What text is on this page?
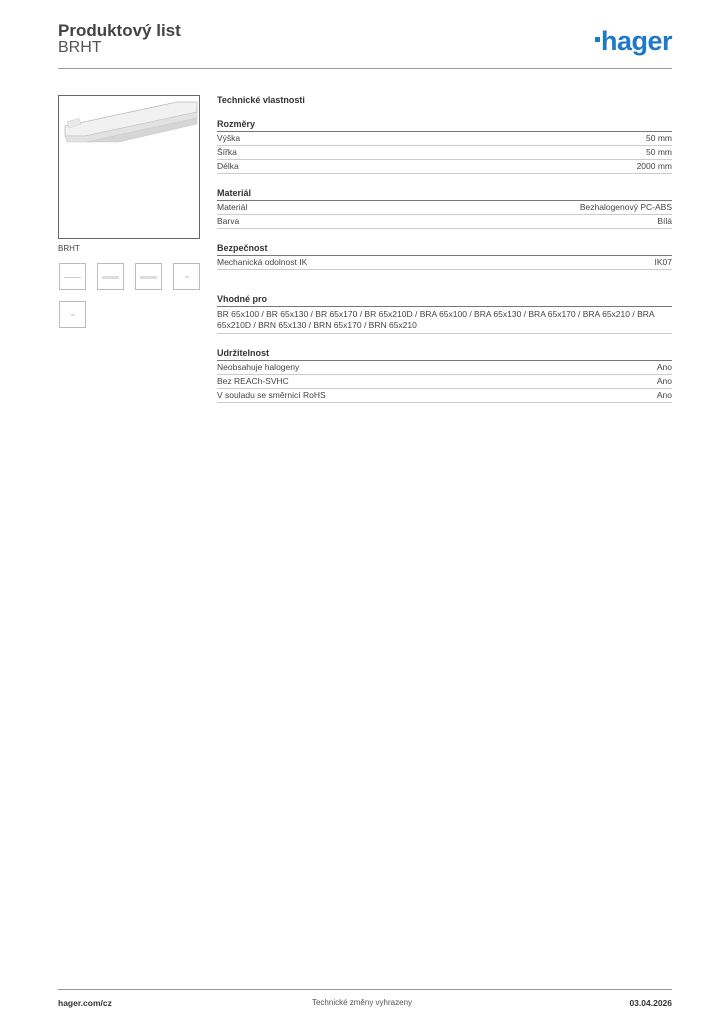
Produktový list
BRHT	hager
BRHT
Technické vlastnosti
Rozměry
Výška	50 mm
Šířka	50 mm
Délka	2000 mm
Materiál
Materiál	Bezhalogenový PC-ABS
Barva	Bílá
Bezpečnost
Mechanická odolnost IK	IK07
Vhodné pro
BR 65x100 / BR 65x130 / BR 65x170 / BR 65x210D / BRA 65x100 / BRA 65x130 / BRA 65x170 / BRA 65x210 / BRA 65x210D / BRN 65x130 / BRN 65x170 / BRN 65x210
Udržitelnost
Neobsahuje halogeny	Ano
Bez REACh-SVHC	Ano
V souladu se směrnicí RoHS	Ano
hager.com/cz	Technické změny vyhrazeny	03.04.2026
